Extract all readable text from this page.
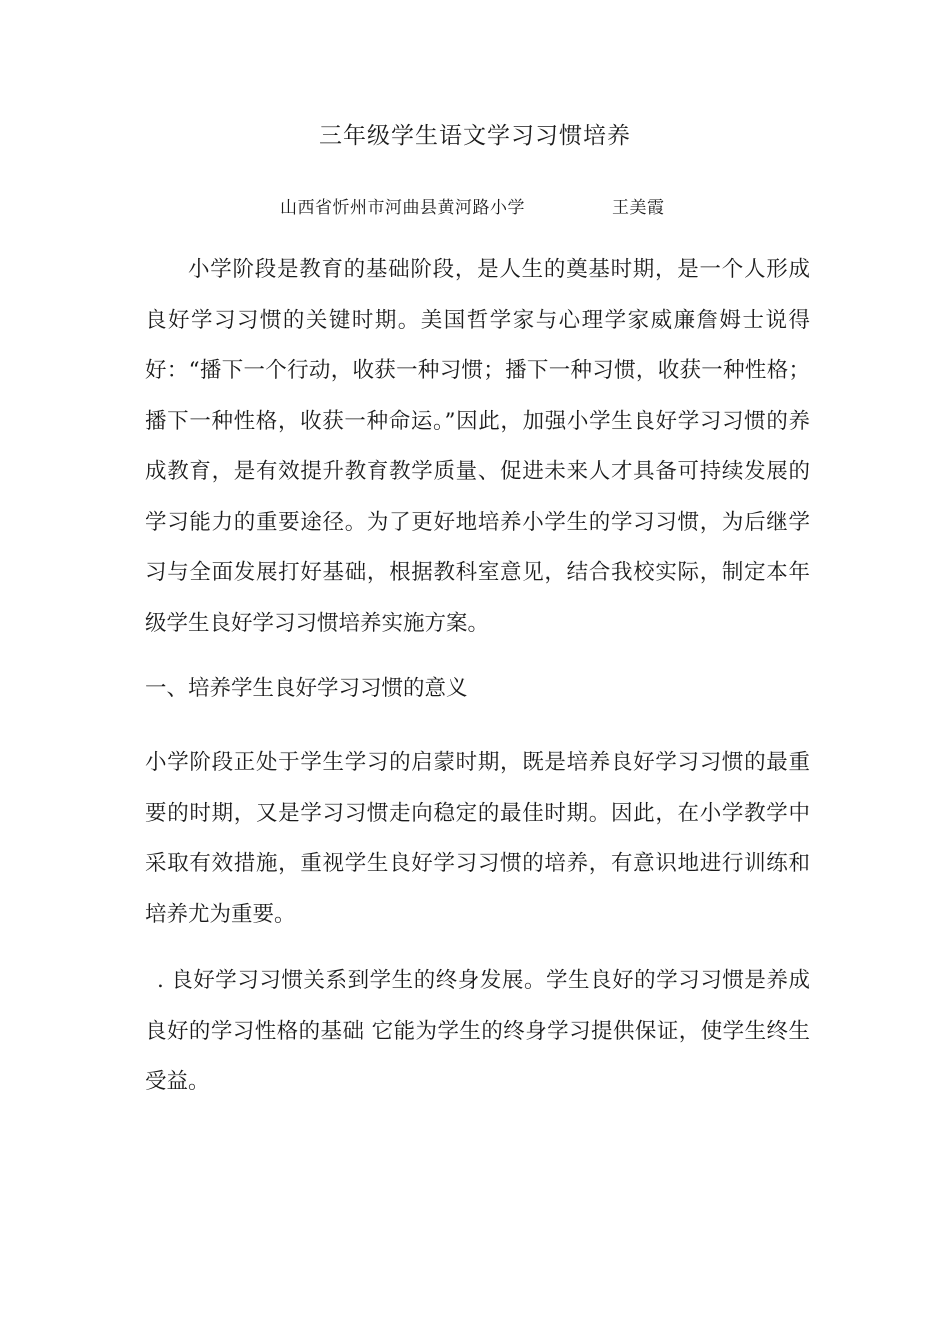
三年级学生语文学习习惯培养
山西省忻州市河曲县黄河路小学	王美霞
小学阶段是教育的基础阶段，是人生的奠基时期，是一个人形成良好学习习惯的关键时期。美国哲学家与心理学家威廉詹姆士说得好：“播下一个行动，收获一种习惯；播下一种习惯，收获一种性格；播下一种性格，收获一种命运。”因此，加强小学生良好学习习惯的养成教育，是有效提升教育教学质量、促进未来人才具备可持续发展的学习能力的重要途径。为了更好地培养小学生的学习习惯，为后继学习与全面发展打好基础，根据教科室意见，结合我校实际，制定本年级学生良好学习习惯培养实施方案。
一、培养学生良好学习习惯的意义
小学阶段正处于学生学习的启蒙时期，既是培养良好学习习惯的最重要的时期，又是学习习惯走向稳定的最佳时期。因此，在小学教学中采取有效措施，重视学生良好学习习惯的培养，有意识地进行训练和培养尤为重要。
. 良好学习习惯关系到学生的终身发展。学生良好的学习习惯是养成良好的学习性格的基础 它能为学生的终身学习提供保证，使学生终生受益。
